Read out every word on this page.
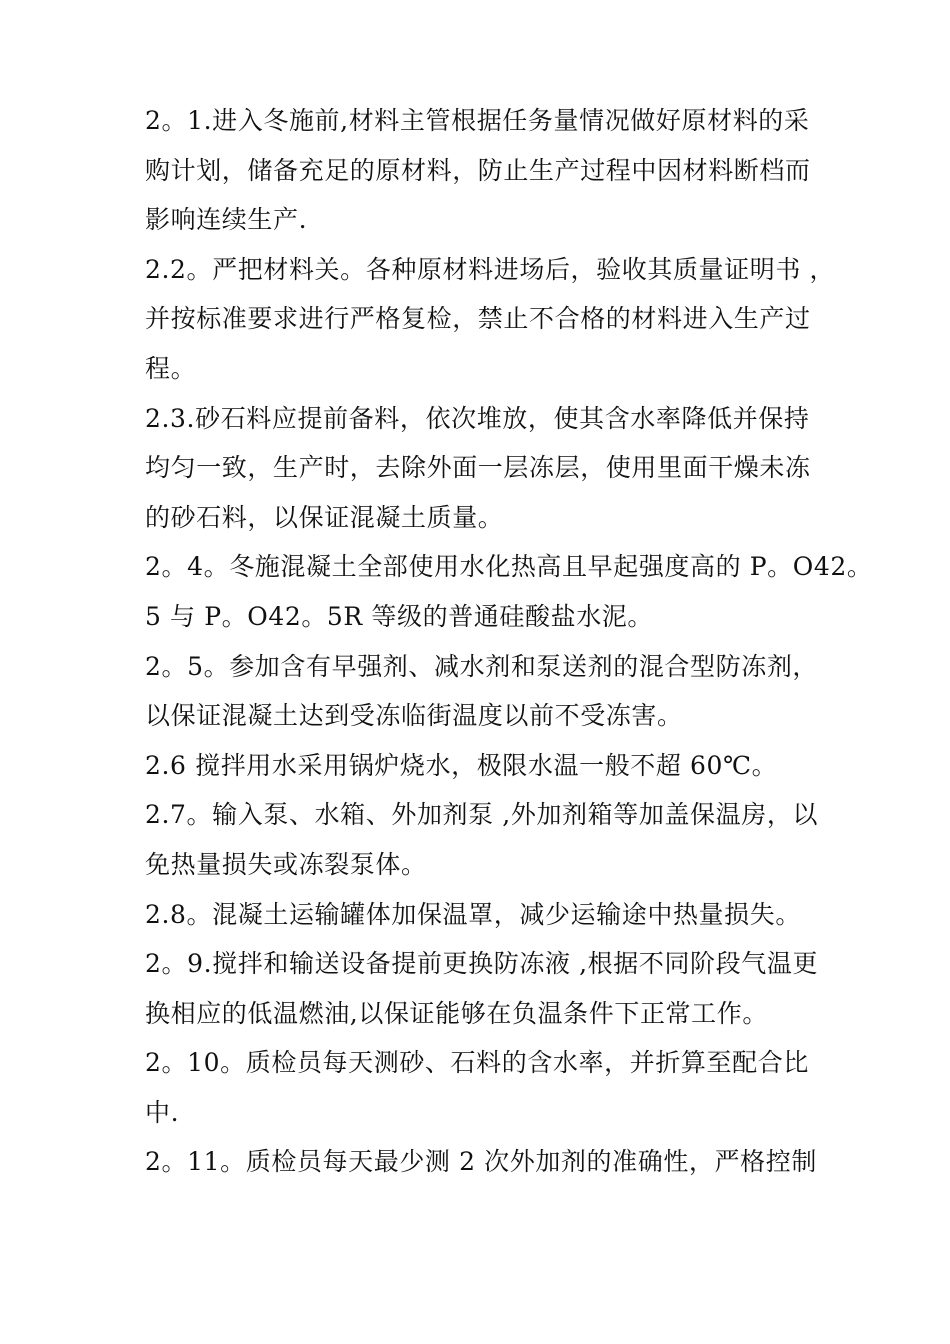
2。1.进入冬施前,材料主管根据任务量情况做好原材料的采
购计划，储备充足的原材料，防止生产过程中因材料断档而
影响连续生产.
2.2。严把材料关。各种原材料进场后，验收其质量证明书 ，
并按标准要求进行严格复检，禁止不合格的材料进入生产过
程。
2.3.砂石料应提前备料，依次堆放，使其含水率降低并保持
均匀一致，生产时，去除外面一层冻层，使用里面干燥未冻
的砂石料，以保证混凝土质量。
2。4。冬施混凝土全部使用水化热高且早起强度高的 P。O42。
5 与 P。O42。5R 等级的普通硅酸盐水泥。
2。5。参加含有早强剂、减水剂和泵送剂的混合型防冻剂，
以保证混凝土达到受冻临街温度以前不受冻害。
2.6 搅拌用水采用锅炉烧水，极限水温一般不超 60℃。
2.7。输入泵、水箱、外加剂泵 ,外加剂箱等加盖保温房，以
免热量损失或冻裂泵体。
2.8。混凝土运输罐体加保温罩，减少运输途中热量损失。
2。9.搅拌和输送设备提前更换防冻液 ,根据不同阶段气温更
换相应的低温燃油,以保证能够在负温条件下正常工作。
2。10。质检员每天测砂、石料的含水率，并折算至配合比
中.
2。11。质检员每天最少测 2 次外加剂的准确性，严格控制
